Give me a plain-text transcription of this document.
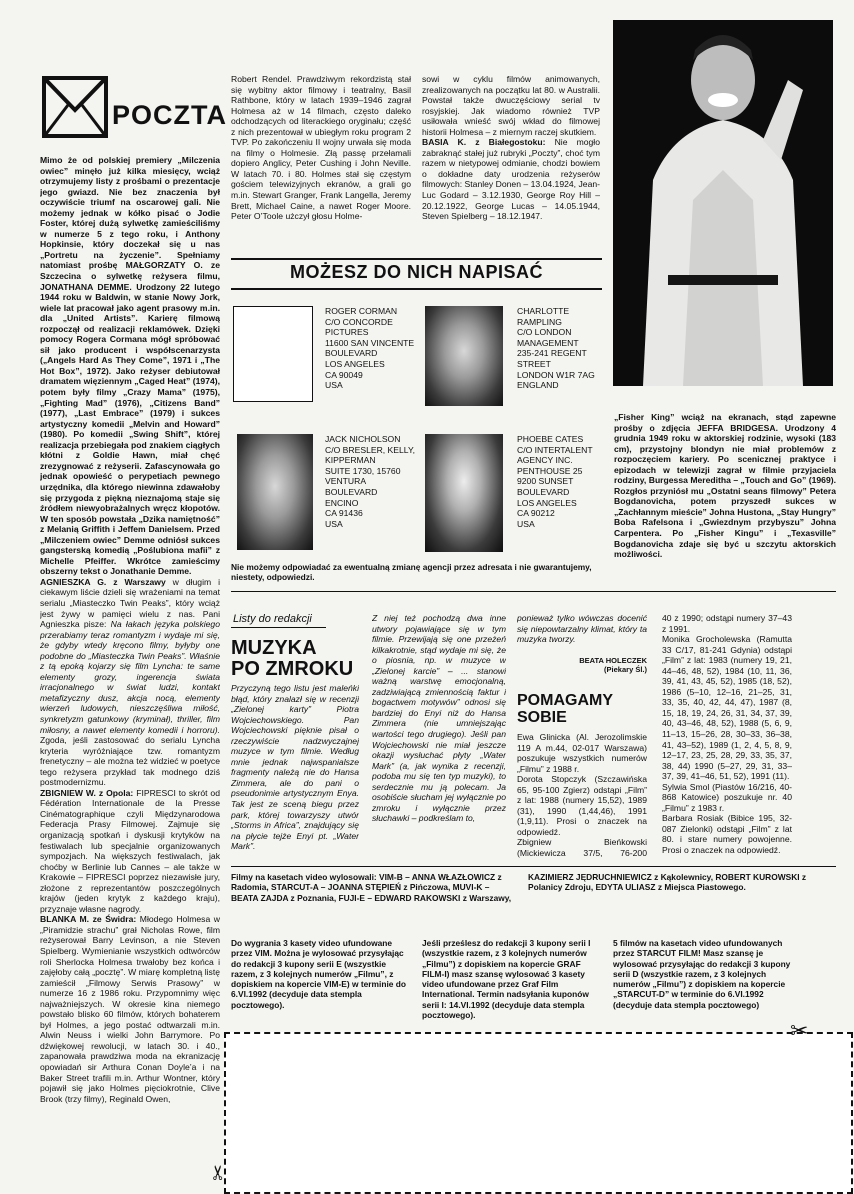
POCZTA
Mimo że od polskiej premiery „Milczenia owiec” minęło już kilka miesięcy, wciąż otrzymujemy listy z prośbami o prezentacje jego gwiazd. Nie bez znaczenia był oczywiście triumf na oscarowej gali. Nie możemy jednak w kółko pisać o Jodie Foster, której dużą sylwetkę zamieściliśmy w numerze 5 z tego roku, i Anthony Hopkinsie, który doczekał się u nas „Portretu na życzenie”. Spełniamy natomiast prośbę MAŁGORZATY O. ze Szczecina o sylwetkę reżysera filmu, JONATHANA DEMME. Urodzony 22 lutego 1944 roku w Baldwin, w stanie Nowy Jork, wiele lat pracował jako agent prasowy m.in. dla „United Artists”. Karierę filmową rozpoczął od realizacji reklamówek. Dzięki pomocy Rogera Cormana mógł spróbować sił jako producent i współscenarzysta („Angels Hard As They Come”, 1971 i „The Hot Box”, 1972). Jako reżyser debiutował dramatem więziennym „Caged Heat” (1974), potem były filmy „Crazy Mama” (1975), „Fighting Mad” (1976), „Citizens Band” (1977), „Last Embrace” (1979) i sukces artystyczny komedii „Melvin and Howard” (1980). Po komedii „Swing Shift”, której realizacja przebiegała pod znakiem ciągłych kłótni z Goldie Hawn, miał chęć zrezygnować z reżyserii. Zafascynowała go jednak opowieść o perypetiach pewnego urzędnika, dla którego niewinna zdawałoby się przygoda z piękną nieznajomą staje się źródłem niewyobrażalnych wręcz kłopotów. W ten sposób powstała „Dzika namiętność” z Melanią Griffith i Jeffem Danielsem. Przed „Milczeniem owiec” Demme odniósł sukces gangsterską komedią „Poślubiona mafii” z Michelle Pfeiffer. Wkrótce zamieścimy obszerny tekst o Jonathanie Demme.
AGNIESZKA G. z Warszawy w długim i ciekawym liście dzieli się wrażeniami na temat serialu „Miasteczko Twin Peaks”, który wciąż jest żywy w pamięci wielu z nas. Pani Agnieszka pisze: Na łakach języka polskiego przerabiamy teraz romantyzm i wydaje mi się, że gdyby wtedy kręcono filmy, byłyby one podobne do „Miasteczka Twin Peaks”. Właśnie z tą epoką kojarzy się film Lyncha: te same elementy grozy, ingerencja świata irracjonalnego w świat ludzi, kontakt metafizyczny dusz, akcja nocą, elementy wierzeń ludowych, nieszczęśliwa miłość, synkretyzm gatunkowy (kryminał), thriller, film miłosny, a nawet elementy komedii i horroru). Zgoda, jeśli zastosować do serialu Lyncha kryteria wyróżniające tzw. romantyzm frenetyczny – ale można też widzieć w poetyce tego reżysera przykład tak modnego dziś postmodernizmu.
ZBIGNIEW W. z Opola: FIPRESCI to skrót od Fédération Internationale de la Presse Cinématographique czyli Międzynarodowa Federacja Prasy Filmowej. Zajmuje się organizacją spotkań i dyskusji krytyków na festiwalach lub specjalnie organizowanych sympozjach. Na większych festiwalach, jak choćby w Berlinie lub Cannes – ale także w Krakowie – FIPRESCI poprzez niezawisłe jury, złożone z reprezentantów poszczególnych krajów (jeden krytyk z każdego kraju), przyznaje własne nagrody.
BLANKA M. ze Świdra: Młodego Holmesa w „Piramidzie strachu” grał Nicholas Rowe, film reżyserował Barry Levinson, a nie Steven Spielberg. Wymienianie wszystkich odtwórców roli Sherlocka Holmesa trwałoby bez końca i zajęłoby całą „pocztę”. W miarę kompletną listę zamieścił „Filmowy Serwis Prasowy” w numerze 16 z 1986 roku. Przypomnimy więc najważniejszych. W okresie kina niemego powstało blisko 60 filmów, których bohaterem był Holmes, a jego postać odtwarzali m.in. Alwin Neuss i wielki John Barrymore. Po dźwiękowej rewolucji, w latach 30. i 40., zapanowała prawdziwa moda na ekranizację opowiadań sir Arthura Conan Doyle’a i na Baker Street trafili m.in. Arthur Wontner, który pojawił się jako Holmes pięciokrotnie, Clive Brook (trzy filmy), Reginald Owen,
Robert Rendel. Prawdziwym rekordzistą stał się wybitny aktor filmowy i teatralny, Basil Rathbone, który w latach 1939–1946 zagrał Holmesa aż w 14 filmach, często daleko odchodzących od literackiego oryginału; część z nich prezentował w ubiegłym roku program 2 TVP. Po zakończeniu II wojny urwała się moda na filmy o Holmesie. Złą passę przełamali dopiero Anglicy, Peter Cushing i John Neville. W latach 70. i 80. Holmes stał się częstym gościem telewizyjnych ekranów, a grali go m.in. Stewart Granger, Frank Langella, Jeremy Brett, Michael Caine, a nawet Roger Moore. Peter O’Toole użczył głosu Holme-
sowi w cyklu filmów animowanych, zrealizowanych na początku lat 80. w Australii. Powstał także dwuczęściowy serial tv rosyjskiej. Jak wiadomo również TVP usiłowała wnieść swój wkład do filmowej historii Holmesa – z miernym raczej skutkiem.
BASIA K. z Białegostoku: Nie mogło zabraknąć stałej już rubryki „Poczty”, choć tym razem w nietypowej odmianie, chodzi bowiem o dokładne daty urodzenia reżyserów filmowych: Stanley Donen – 13.04.1924, Jean-Luc Godard – 3.12.1930, George Roy Hill – 20.12.1922, George Lucas – 14.05.1944, Steven Spielberg – 18.12.1947.
„Fisher King” wciąż na ekranach, stąd zapewne prośby o zdjęcia JEFFA BRIDGESA. Urodzony 4 grudnia 1949 roku w aktorskiej rodzinie, wysoki (183 cm), przystojny blondyn nie miał problemów z rozpoczęciem kariery. Po scenicznej praktyce i epizodach w telewizji zagrał w filmie przyjaciela rodziny, Burgessa Mereditha – „Touch and Go” (1969). Rozgłos przyniósł mu „Ostatni seans filmowy” Petera Bogdanovicha, potem przyszedł sukces w „Zachłannym mieście” Johna Hustona, „Stay Hungry” Boba Rafelsona i „Gwiezdnym przybyszu” Johna Carpentera. Po „Fisher Kingu” i „Texasville” Bogdanovicha zdaje się być u szczytu aktorskich możliwości.
MOŻESZ DO NICH NAPISAĆ
ROGER CORMAN
C/O CONCORDE PICTURES
11600 SAN VINCENTE BOULEVARD
LOS ANGELES
CA 90049
USA
CHARLOTTE RAMPLING
C/O LONDON MANAGEMENT
235-241 REGENT STREET
LONDON W1R 7AG
ENGLAND
JACK NICHOLSON
C/O BRESLER, KELLY, KIPPERMAN
SUITE 1730, 15760 VENTURA BOULEVARD
ENCINO
CA 91436
USA
PHOEBE CATES
C/O INTERTALENT AGENCY INC.
PENTHOUSE 25
9200 SUNSET BOULEVARD
LOS ANGELES
CA 90212
USA
Nie możemy odpowiadać za ewentualną zmianę agencji przez adresata i nie gwarantujemy, niestety, odpowiedzi.
Listy do redakcji
MUZYKA
PO ZMROKU
Przyczyną tego listu jest maleńki błąd, który znalazł się w recenzji „Zielonej karty” Piotra Wojciechowskiego. Pan Wojciechowski pięknie pisał o rzeczywiście nadzwyczajnej muzyce w tym filmie. Według mnie jednak najwspanialsze fragmenty należą nie do Hansa Zimmera, ale do pani o pseudonimie artystycznym Enya. Tak jest ze sceną biegu przez park, której towarzyszy utwór „Storms in Africa”, znajdujący się na płycie tejże Enyi pt. „Water Mark”.
Z niej też pochodzą dwa inne utwory pojawiające się w tym filmie. Przewijają się one przeżeń kilkakrotnie, stąd wydaje mi się, że o piosnia, np. w muzyce w „Zielonej karcie” – ... stanowi ważną warstwę emocjonalną, zadziwiającą zmiennością faktur i bogactwem motywów” odnosi się bardziej do Enyi niż do Hansa Zimmera (nie umniejszając wartości tego drugiego). Jeśli pan Wojciechowski nie miał jeszcze okazji wysłuchać płyty „Water Mark” (a, jak wynika z recenzji, podoba mu się ten typ muzyki), to serdecznie mu ją polecam. Ja osobiście słucham jej wyłącznie po zmroku i wyłącznie przez słuchawki – podkreślam to,
ponieważ tylko wówczas docenić się niepowtarzalny klimat, który ta muzyka tworzy.
BEATA HOLECZEK
(Piekary Śl.)
POMAGAMY
SOBIE
Ewa Glinicka (Al. Jerozolimskie 119 A m.44, 02-017 Warszawa) poszukuje wszystkich numerów „Filmu” z 1988 r.
Dorota Stopczyk (Szczawińska 65, 95-100 Zgierz) odstąpi „Film” z lat: 1988 (numery 15,52), 1989 (31), 1990 (1,44,46), 1991 (1,9,11). Prosi o znaczek na odpowiedź.
Zbigniew Bieńkowski (Mickiewicza 37/5, 76-200
40 z 1990; odstąpi numery 37–43 z 1991.
Monika Grocholewska (Ramutta 33 C/17, 81-241 Gdynia) odstąpi „Film” z lat: 1983 (numery 19, 21, 44–46, 48, 52), 1984 (10, 11, 36, 39, 41, 43, 45, 52), 1985 (18, 52), 1986 (5–10, 12–16, 21–25, 31, 33, 35, 40, 42, 44, 47), 1987 (8, 15, 18, 19, 24, 26, 31, 34, 37, 39, 40, 43–46, 48, 52), 1988 (5, 6, 9, 11–13, 15–26, 28, 30–33, 36–38, 41, 43–52), 1989 (1, 2, 4, 5, 8, 9, 12–17, 23, 25, 28, 29, 33, 35, 37, 38, 44) 1990 (5–27, 29, 31, 33–37, 39, 41–46, 51, 52), 1991 (11).
Sylwia Smol (Piastów 16/216, 40-868 Katowice) poszukuje nr. 40 „Filmu” z 1983 r.
Barbara Rosiak (Bibice 195, 32-087 Zielonki) odstąpi „Film” z lat 80. i stare numery powojenne. Prosi o znaczek na odpowiedź.
Filmy na kasetach video wylosowali: VIM-B – ANNA WŁAZŁOWICZ z Radomia, STARCUT-A – JOANNA STĘPIEŃ z Pińczowa, MUVI-K – BEATA ZAJDA z Poznania, FUJI-E – EDWARD RAKOWSKI z Warszawy, KAZIMIERZ JĘDRUCHNIEWICZ z Kąkolewnicy, ROBERT KUROWSKI z Polanicy Zdroju, EDYTA ULIASZ z Miejsca Piastowego.
Do wygrania 3 kasety video ufundowane przez VIM. Można je wylosować przysyłając do redakcji 3 kupony serii E (wszystkie razem, z 3 kolejnych numerów „Filmu”, z dopiskiem na kopercie VIM-E) w terminie do 6.VI.1992 (decyduje data stempla pocztowego).
Jeśli prześlesz do redakcji 3 kupony serii I (wszystkie razem, z 3 kolejnych numerów „Filmu”) z dopiskiem na kopercie GRAF FILM-I) masz szansę wylosować 3 kasety video ufundowane przez Graf Film International. Termin nadsyłania kuponów serii I: 14.VI.1992 (decyduje data stempla pocztowego).
5 filmów na kasetach video ufundowanych przez STARCUT FILM! Masz szansę je wylosować przysyłając do redakcji 3 kupony serii D (wszystkie razem, z 3 kolejnych numerów „Filmu”) z dopiskiem na kopercie „STARCUT-D” w terminie do 6.VI.1992 (decyduje data stempla pocztowego)
✂
✂
